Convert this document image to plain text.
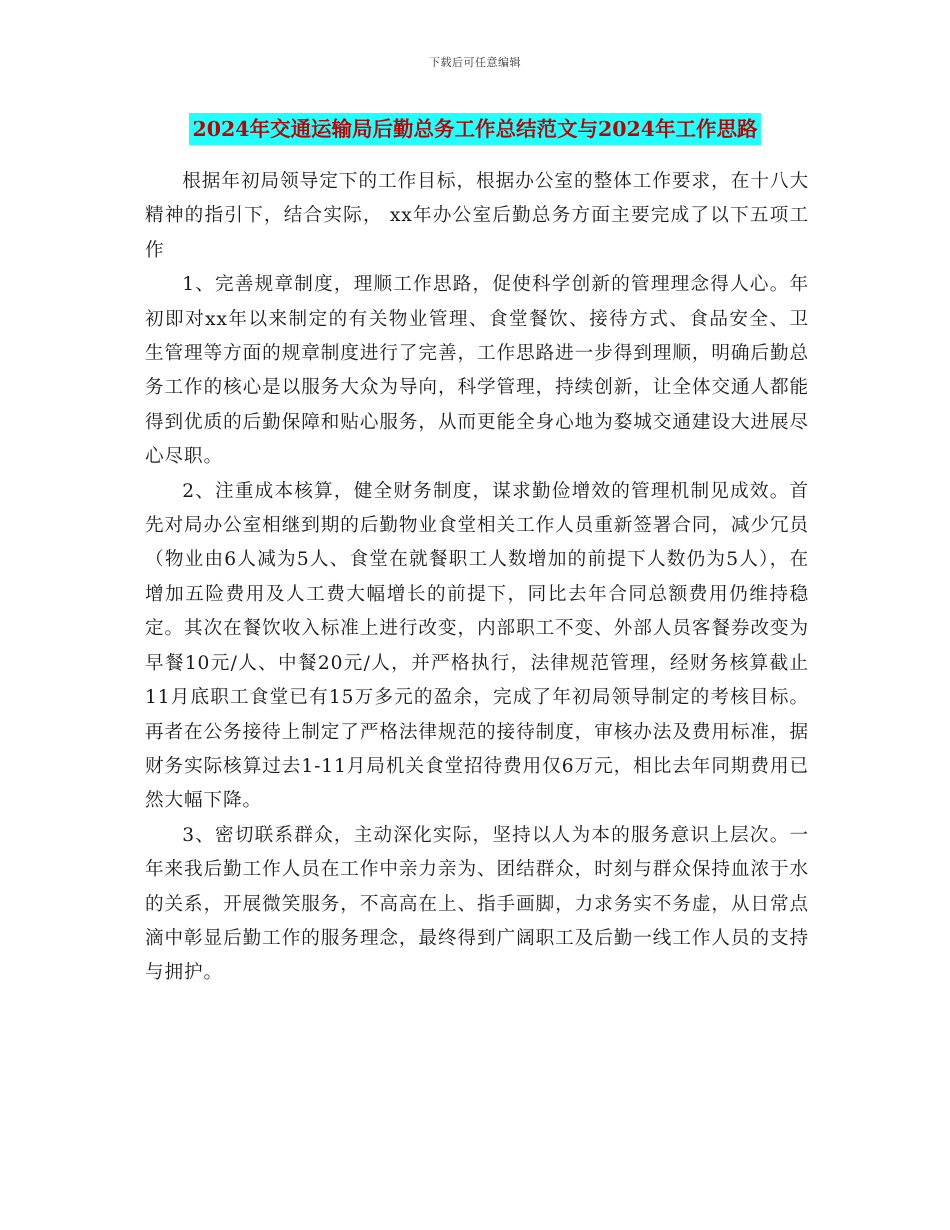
下载后可任意编辑
2024年交通运输局后勤总务工作总结范文与2024年工作思路

根据年初局领导定下的工作目标，根据办公室的整体工作要求，在十八大精神的指引下，结合实际， xx年办公室后勤总务方面主要完成了以下五项工作

1、完善规章制度，理顺工作思路，促使科学创新的管理理念得人心。年初即对xx年以来制定的有关物业管理、食堂餐饮、接待方式、食品安全、卫生管理等方面的规章制度进行了完善，工作思路进一步得到理顺，明确后勤总务工作的核心是以服务大众为导向，科学管理，持续创新，让全体交通人都能得到优质的后勤保障和贴心服务，从而更能全身心地为婺城交通建设大进展尽心尽职。

2、注重成本核算，健全财务制度，谋求勤俭增效的管理机制见成效。首先对局办公室相继到期的后勤物业食堂相关工作人员重新签署合同，减少冗员（物业由6人减为5人、食堂在就餐职工人数增加的前提下人数仍为5人），在增加五险费用及人工费大幅增长的前提下，同比去年合同总额费用仍维持稳定。其次在餐饮收入标准上进行改变，内部职工不变、外部人员客餐券改变为早餐10元/人、中餐20元/人，并严格执行，法律规范管理，经财务核算截止11月底职工食堂已有15万多元的盈余，完成了年初局领导制定的考核目标。再者在公务接待上制定了严格法律规范的接待制度，审核办法及费用标准，据财务实际核算过去1-11月局机关食堂招待费用仅6万元，相比去年同期费用已然大幅下降。

3、密切联系群众，主动深化实际，坚持以人为本的服务意识上层次。一年来我后勤工作人员在工作中亲力亲为、团结群众，时刻与群众保持血浓于水的关系，开展微笑服务，不高高在上、指手画脚，力求务实不务虚，从日常点滴中彰显后勤工作的服务理念，最终得到广阔职工及后勤一线工作人员的支持与拥护。
